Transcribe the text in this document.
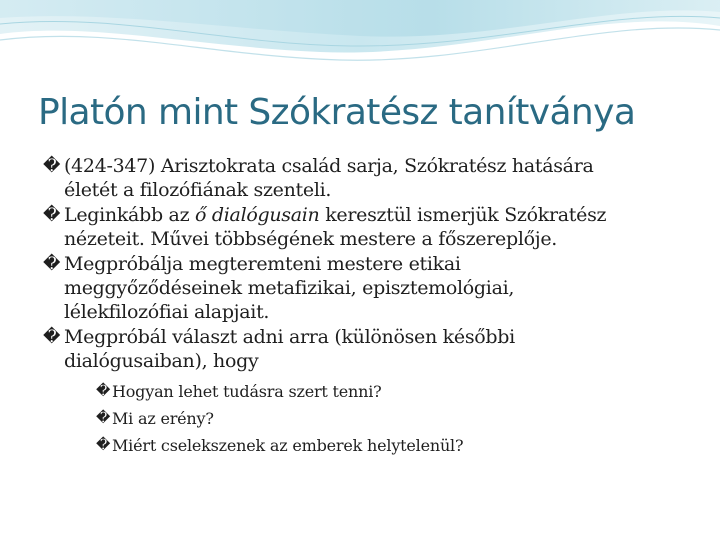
Platón mint Szókratész tanítványa
� (424-347) Arisztokrata család sarja, Szókratész hatására
életét a filozófiának szenteli.
� Leginkább az ő dialógusain keresztül ismerjük Szókratész
nézeteit. Művei többségének mestere a főszereplője.
� Megpróbálja megteremteni mestere etikai
meggyőződéseinek metafizikai, episztemológiai,
lélekfilozófiai alapjait.
� Megpróbál választ adni arra (különösen későbbi
dialógusaiban), hogy
� Hogyan lehet tudásra szert tenni?
� Mi az erény?
� Miért cselekszenek az emberek helytelenül?
